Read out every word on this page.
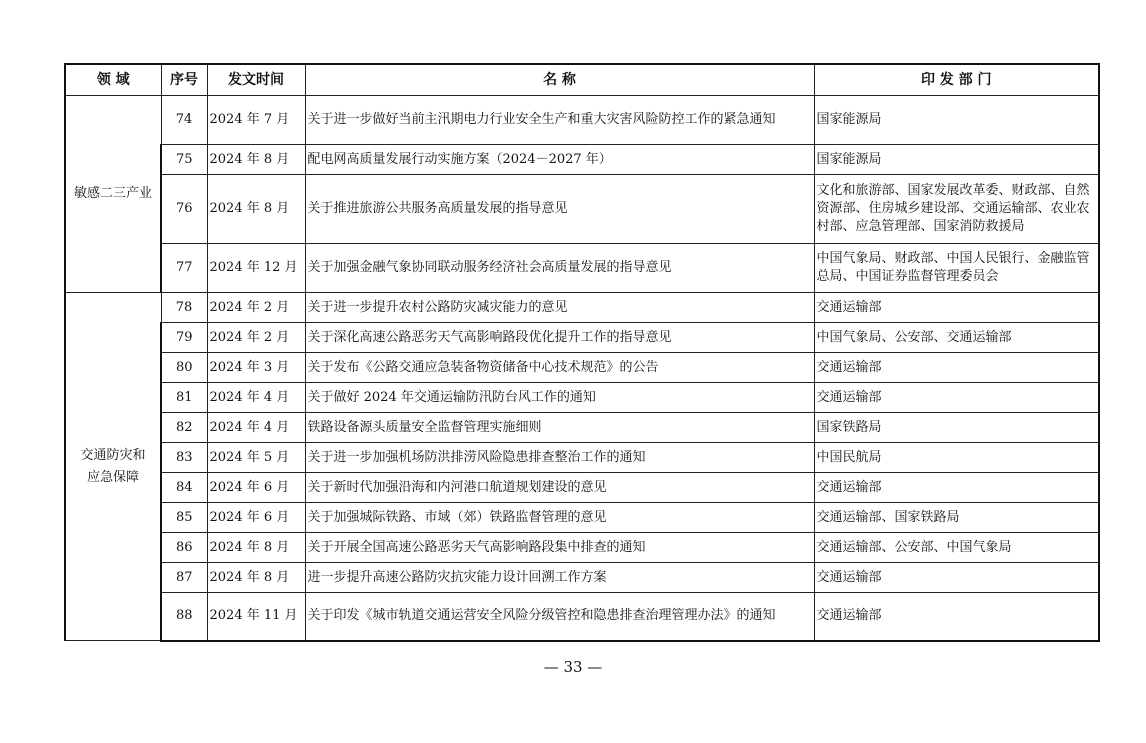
领 域	序号	发文时间	名 称	印 发 部 门
敏感二三产业	74	2024 年 7 月	关于进一步做好当前主汛期电力行业安全生产和重大灾害风险防控工作的紧急通知	国家能源局
	75	2024 年 8 月	配电网高质量发展行动实施方案（2024－2027 年）	国家能源局
	76	2024 年 8 月	关于推进旅游公共服务高质量发展的指导意见	文化和旅游部、国家发展改革委、财政部、自然资源部、住房城乡建设部、交通运输部、农业农村部、应急管理部、国家消防救援局
	77	2024 年 12 月	关于加强金融气象协同联动服务经济社会高质量发展的指导意见	中国气象局、财政部、中国人民银行、金融监管总局、中国证券监督管理委员会

交通防灾和应急保障	78	2024 年 2 月	关于进一步提升农村公路防灾减灾能力的意见	交通运输部
	79	2024 年 2 月	关于深化高速公路恶劣天气高影响路段优化提升工作的指导意见	中国气象局、公安部、交通运输部
	80	2024 年 3 月	关于发布《公路交通应急装备物资储备中心技术规范》的公告	交通运输部
	81	2024 年 4 月	关于做好 2024 年交通运输防汛防台风工作的通知	交通运输部
	82	2024 年 4 月	铁路设备源头质量安全监督管理实施细则	国家铁路局
	83	2024 年 5 月	关于进一步加强机场防洪排涝风险隐患排查整治工作的通知	中国民航局
	84	2024 年 6 月	关于新时代加强沿海和内河港口航道规划建设的意见	交通运输部
	85	2024 年 6 月	关于加强城际铁路、市域（郊）铁路监督管理的意见	交通运输部、国家铁路局
	86	2024 年 8 月	关于开展全国高速公路恶劣天气高影响路段集中排查的通知	交通运输部、公安部、中国气象局
	87	2024 年 8 月	进一步提升高速公路防灾抗灾能力设计回溯工作方案	交通运输部
	88	2024 年 11 月	关于印发《城市轨道交通运营安全风险分级管控和隐患排查治理管理办法》的通知	交通运输部
— 33 —
